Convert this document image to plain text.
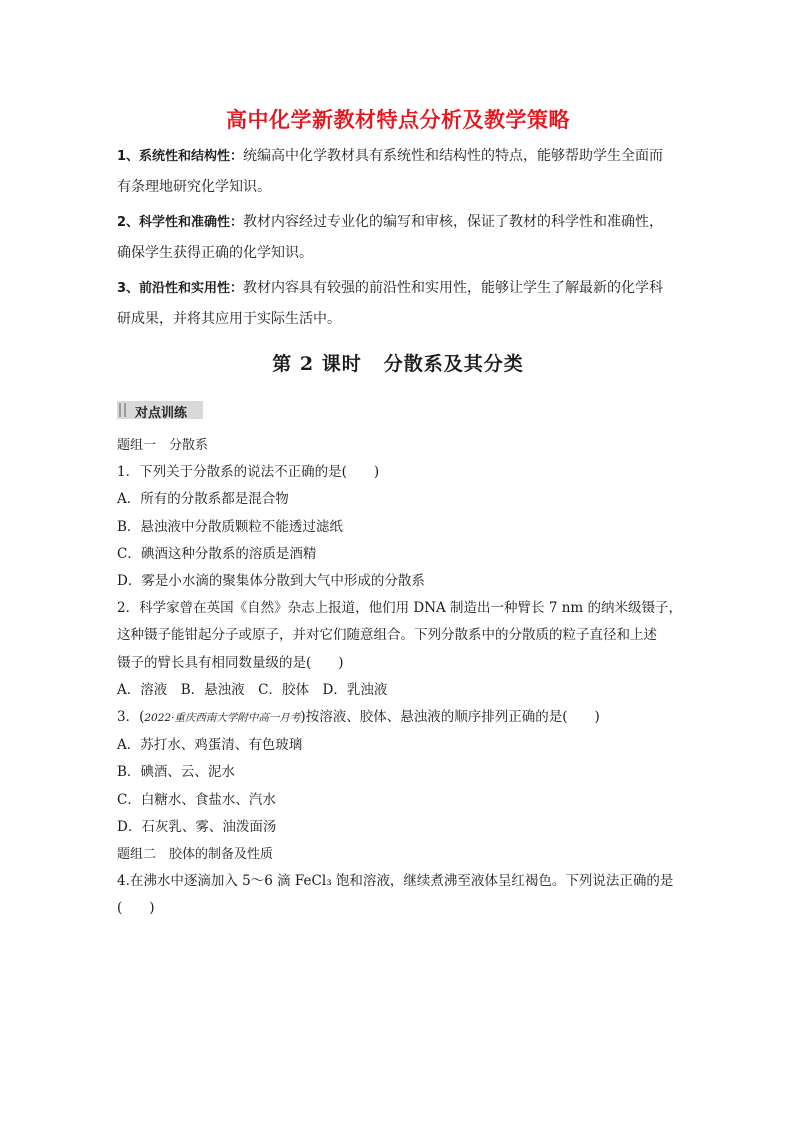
高中化学新教材特点分析及教学策略

1、系统性和结构性：统编高中化学教材具有系统性和结构性的特点，能够帮助学生全面而
有条理地研究化学知识。

2、科学性和准确性：教材内容经过专业化的编写和审核，保证了教材的科学性和准确性，
确保学生获得正确的化学知识。

3、前沿性和实用性：教材内容具有较强的前沿性和实用性，能够让学生了解最新的化学科
研成果，并将其应用于实际生活中。

第 2 课时 分散系及其分类
对点训练
题组一　分散系
1．下列关于分散系的说法不正确的是(　　)
A．所有的分散系都是混合物
B．悬浊液中分散质颗粒不能透过滤纸
C．碘酒这种分散系的溶质是酒精
D．雾是小水滴的聚集体分散到大气中形成的分散系
2．科学家曾在英国《自然》杂志上报道，他们用 DNA 制造出一种臂长 7 nm 的纳米级镊子，
这种镊子能钳起分子或原子，并对它们随意组合。下列分散系中的分散质的粒子直径和上述
镊子的臂长具有相同数量级的是(　　)
A．溶液　B．悬浊液　C．胶体　D．乳浊液
3．(2022·重庆西南大学附中高一月考)按溶液、胶体、悬浊液的顺序排列正确的是(　　)
A．苏打水、鸡蛋清、有色玻璃
B．碘酒、云、泥水
C．白糖水、食盐水、汽水
D．石灰乳、雾、油泼面汤
题组二　胶体的制备及性质
4.在沸水中逐滴加入 5～6 滴 FeCl₃ 饱和溶液，继续煮沸至液体呈红褐色。下列说法正确的是
(　　)
